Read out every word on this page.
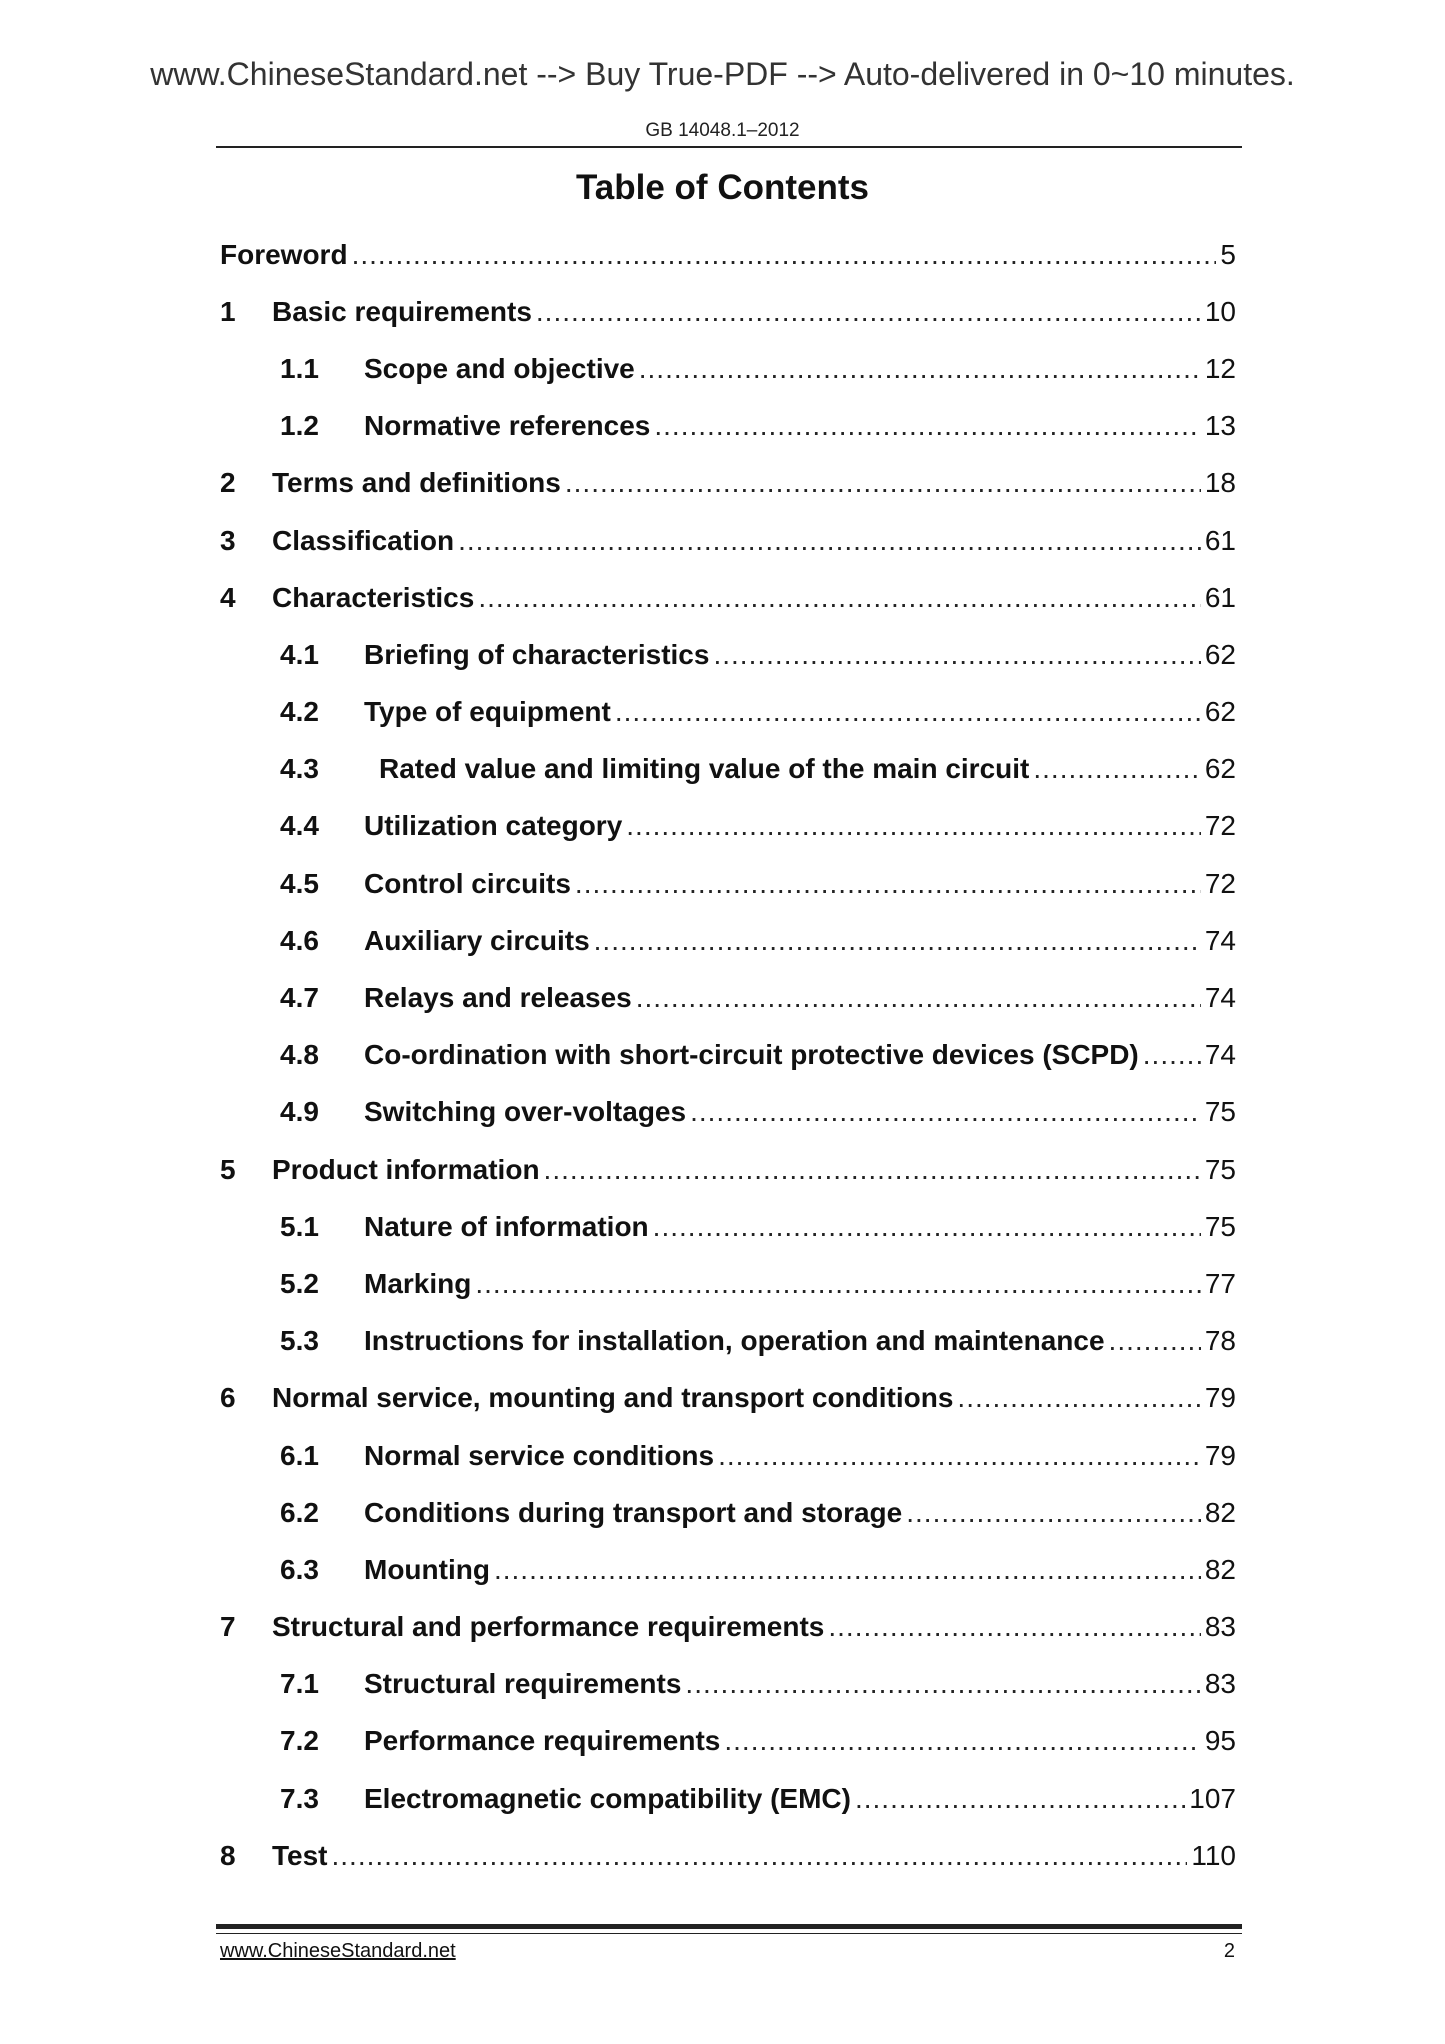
www.ChineseStandard.net --> Buy True-PDF --> Auto-delivered in 0~10 minutes.
GB 14048.1–2012
Table of Contents
Foreword .....	5
1	Basic requirements .....	10
1.1	Scope and objective .....	12
1.2	Normative references .....	13
2	Terms and definitions .....	18
3	Classification .....	61
4	Characteristics .....	61
4.1	Briefing of characteristics .....	62
4.2	Type of equipment .....	62
4.3	Rated value and limiting value of the main circuit .....	62
4.4	Utilization category .....	72
4.5	Control circuits .....	72
4.6	Auxiliary circuits .....	74
4.7	Relays and releases .....	74
4.8	Co-ordination with short-circuit protective devices (SCPD) ..... 74
4.9	Switching over-voltages .....	75
5	Product information .....	75
5.1	Nature of information .....	75
5.2	Marking .....	77
5.3	Instructions for installation, operation and maintenance .....	78
6	Normal service, mounting and transport conditions .....	79
6.1	Normal service conditions .....	79
6.2	Conditions during transport and storage .....	82
6.3	Mounting .....	82
7	Structural and performance requirements .....	83
7.1	Structural requirements .....	83
7.2	Performance requirements .....	95
7.3	Electromagnetic compatibility (EMC) .....	107
8	Test .....	110
www.ChineseStandard.net	2
